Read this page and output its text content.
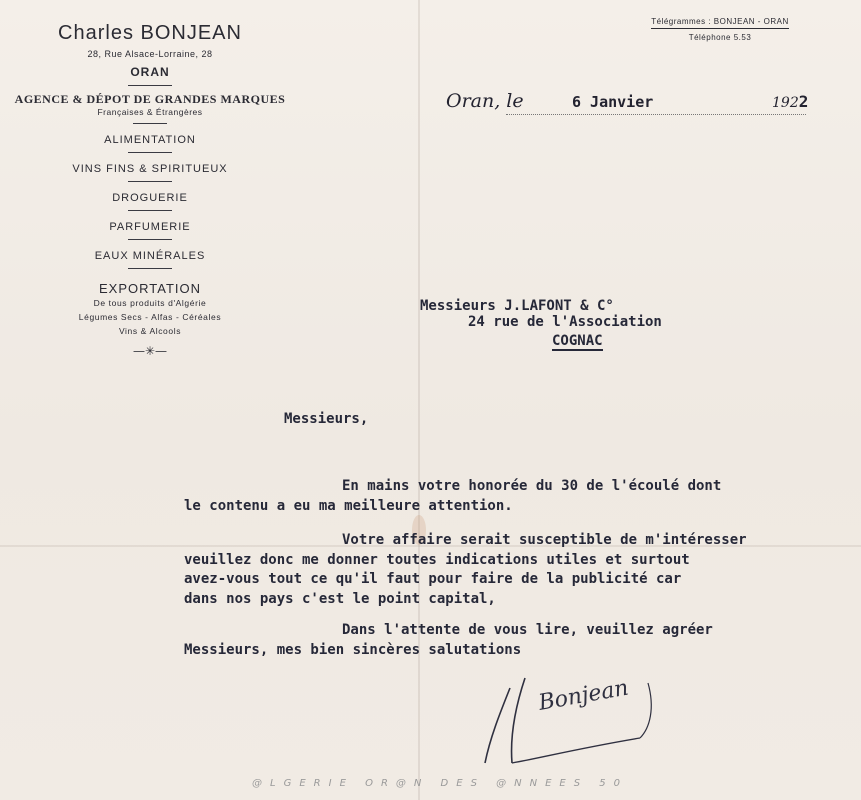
Charles BONJEAN
28, Rue Alsace-Lorraine, 28
ORAN
AGENCE & DÉPOT DE GRANDES MARQUES
Françaises & Étrangères
ALIMENTATION
VINS FINS & SPIRITUEUX
DROGUERIE
PARFUMERIE
EAUX MINÉRALES
EXPORTATION
De tous produits d'Algérie
Légumes Secs - Alfas - Céréales
Vins & Alcools
—✳—
Télégrammes : BONJEAN - ORAN
Téléphone 5.53
Oran, le	6 Janvier	1922
Messieurs J.LAFONT & C°
24 rue de l'Association
COGNAC
Messieurs,
En mains votre honorée du 30 de l'écoulé dont
le contenu a eu ma meilleure attention.
Votre affaire serait susceptible de m'intéresser
veuillez donc me donner toutes indications utiles et surtout
avez-vous tout ce qu'il faut pour faire de la publicité car
dans nos pays c'est le point capital,
Dans l'attente de vous lire, veuillez agréer
Messieurs, mes bien sincères salutations
Bonjean
@LGERIE OR@N DES @NNEES 50
